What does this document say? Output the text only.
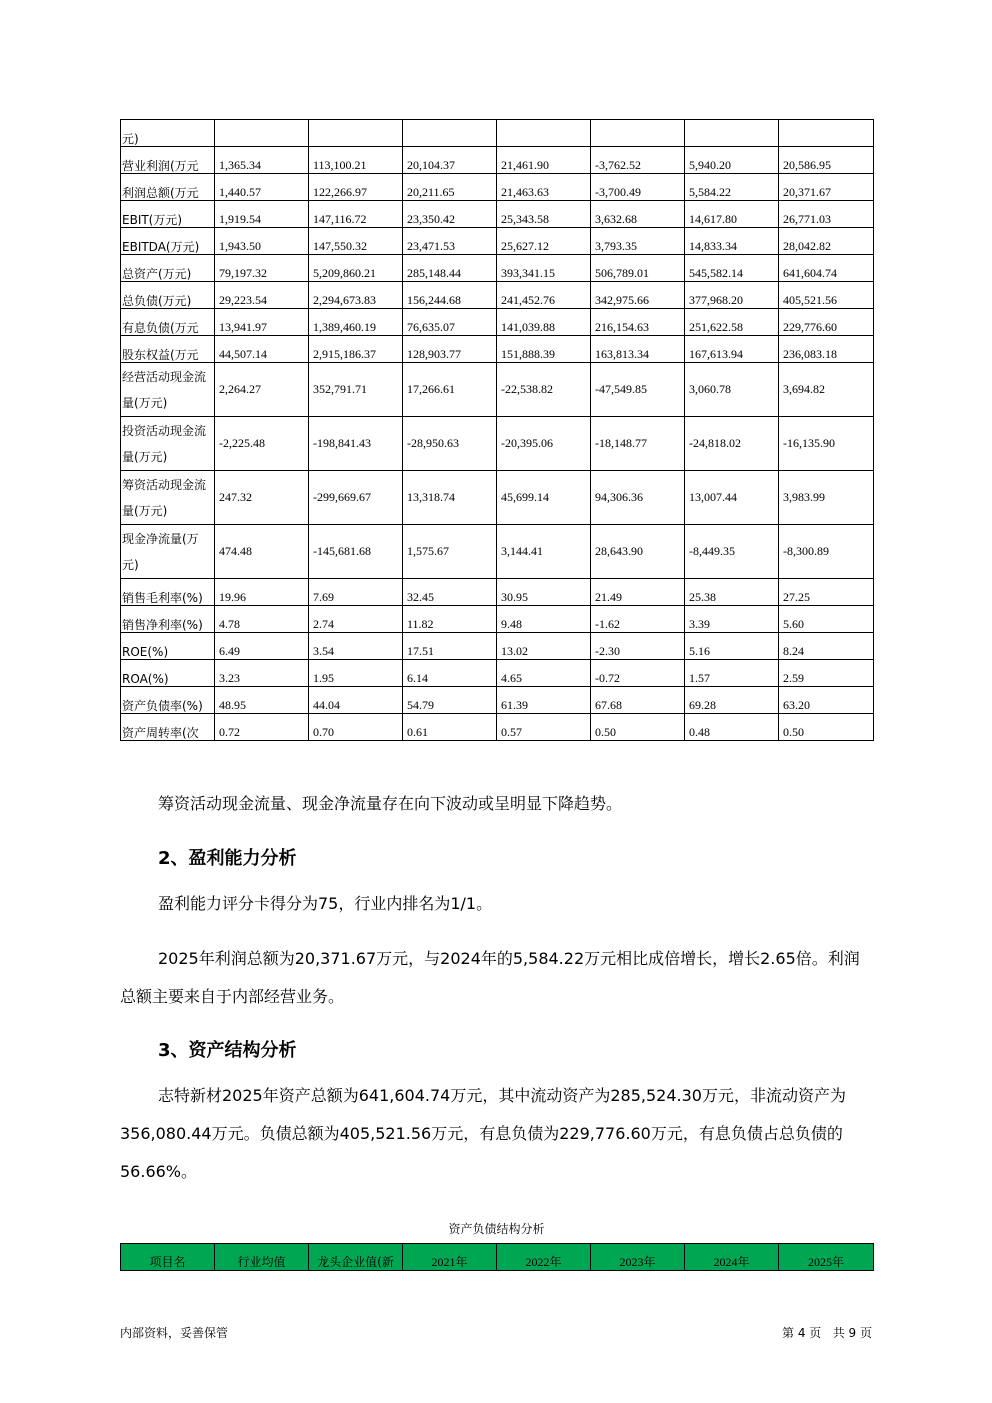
元)							
营业利润(万元	1,365.34	113,100.21	20,104.37	21,461.90	-3,762.52	5,940.20	20,586.95
利润总额(万元	1,440.57	122,266.97	20,211.65	21,463.63	-3,700.49	5,584.22	20,371.67
EBIT(万元)	1,919.54	147,116.72	23,350.42	25,343.58	3,632.68	14,617.80	26,771.03
EBITDA(万元)	1,943.50	147,550.32	23,471.53	25,627.12	3,793.35	14,833.34	28,042.82
总资产(万元)	79,197.32	5,209,860.21	285,148.44	393,341.15	506,789.01	545,582.14	641,604.74
总负债(万元)	29,223.54	2,294,673.83	156,244.68	241,452.76	342,975.66	377,968.20	405,521.56
有息负债(万元	13,941.97	1,389,460.19	76,635.07	141,039.88	216,154.63	251,622.58	229,776.60
股东权益(万元	44,507.14	2,915,186.37	128,903.77	151,888.39	163,813.34	167,613.94	236,083.18
经营活动现金流量(万元)	2,264.27	352,791.71	17,266.61	-22,538.82	-47,549.85	3,060.78	3,694.82
投资活动现金流量(万元)	-2,225.48	-198,841.43	-28,950.63	-20,395.06	-18,148.77	-24,818.02	-16,135.90
筹资活动现金流量(万元)	247.32	-299,669.67	13,318.74	45,699.14	94,306.36	13,007.44	3,983.99
现金净流量(万元)	474.48	-145,681.68	1,575.67	3,144.41	28,643.90	-8,449.35	-8,300.89
销售毛利率(%)	19.96	7.69	32.45	30.95	21.49	25.38	27.25
销售净利率(%)	4.78	2.74	11.82	9.48	-1.62	3.39	5.60
ROE(%)	6.49	3.54	17.51	13.02	-2.30	5.16	8.24
ROA(%)	3.23	1.95	6.14	4.65	-0.72	1.57	2.59
资产负债率(%)	48.95	44.04	54.79	61.39	67.68	69.28	63.20
资产周转率(次	0.72	0.70	0.61	0.57	0.50	0.48	0.50

筹资活动现金流量、现金净流量存在向下波动或呈明显下降趋势。

2、盈利能力分析

盈利能力评分卡得分为75，行业内排名为1/1。

2025年利润总额为20,371.67万元，与2024年的5,584.22万元相比成倍增长，增长2.65倍。利润总额主要来自于内部经营业务。

3、资产结构分析

志特新材2025年资产总额为641,604.74万元，其中流动资产为285,524.30万元，非流动资产为356,080.44万元。负债总额为405,521.56万元，有息负债为229,776.60万元，有息负债占总负债的56.66%。

资产负债结构分析
项目名	行业均值	龙头企业值(新	2021年	2022年	2023年	2024年	2025年
内部资料，妥善保管	第 4 页   共 9 页
